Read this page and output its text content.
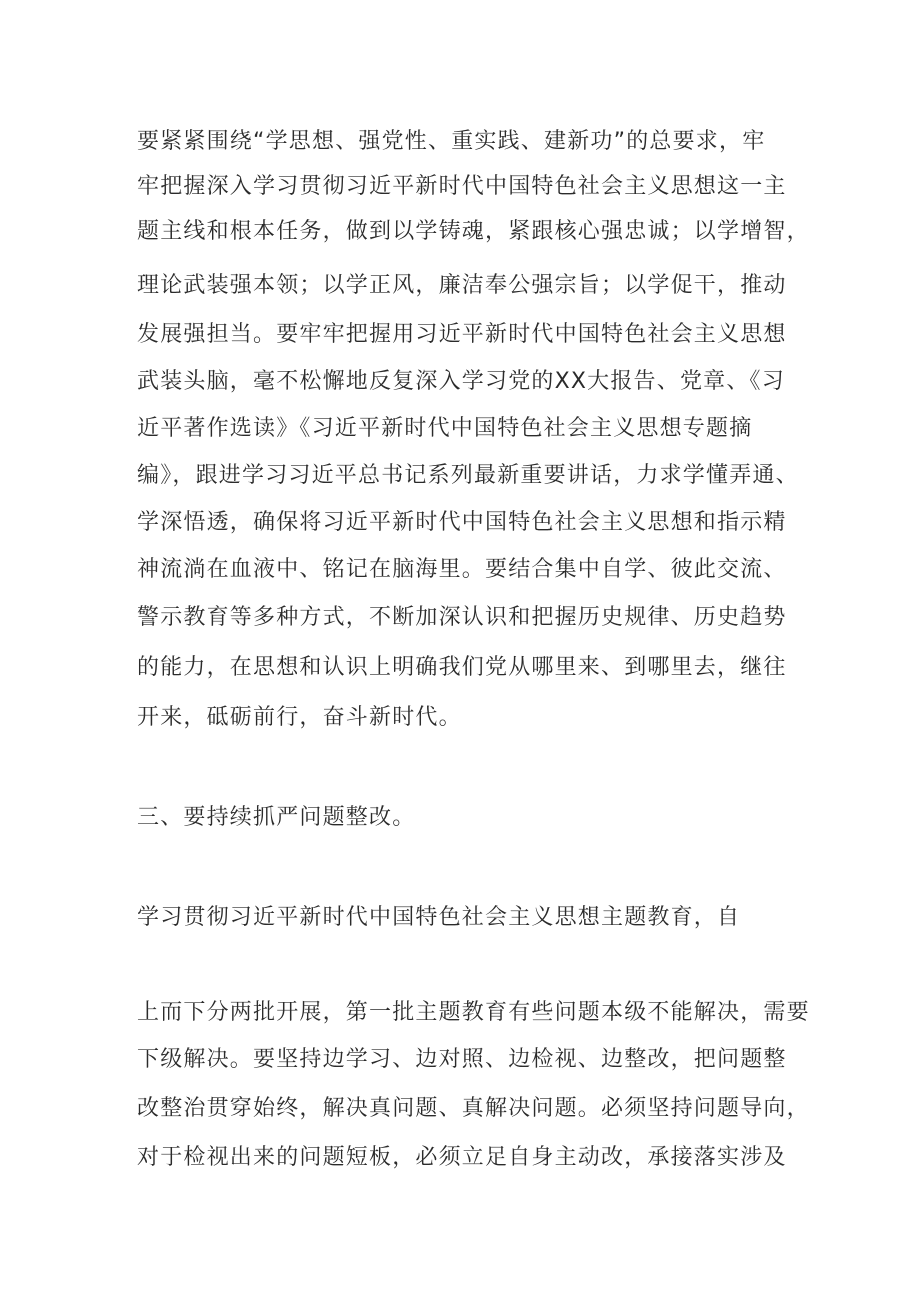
要紧紧围绕“学思想、强党性、重实践、建新功”的总要求，牢
牢把握深入学习贯彻习近平新时代中国特色社会主义思想这一主
题主线和根本任务，做到以学铸魂，紧跟核心强忠诚；以学增智，
理论武装强本领；以学正风，廉洁奉公强宗旨；以学促干，推动
发展强担当。要牢牢把握用习近平新时代中国特色社会主义思想
武装头脑，毫不松懈地反复深入学习党的XX大报告、党章、《习
近平著作选读》《习近平新时代中国特色社会主义思想专题摘
编》，跟进学习习近平总书记系列最新重要讲话，力求学懂弄通、
学深悟透，确保将习近平新时代中国特色社会主义思想和指示精
神流淌在血液中、铭记在脑海里。要结合集中自学、彼此交流、
警示教育等多种方式，不断加深认识和把握历史规律、历史趋势
的能力，在思想和认识上明确我们党从哪里来、到哪里去，继往
开来，砥砺前行，奋斗新时代。
三、要持续抓严问题整改。
学习贯彻习近平新时代中国特色社会主义思想主题教育，自
上而下分两批开展，第一批主题教育有些问题本级不能解决，需要
下级解决。要坚持边学习、边对照、边检视、边整改，把问题整
改整治贯穿始终，解决真问题、真解决问题。必须坚持问题导向，
对于检视出来的问题短板，必须立足自身主动改，承接落实涉及
